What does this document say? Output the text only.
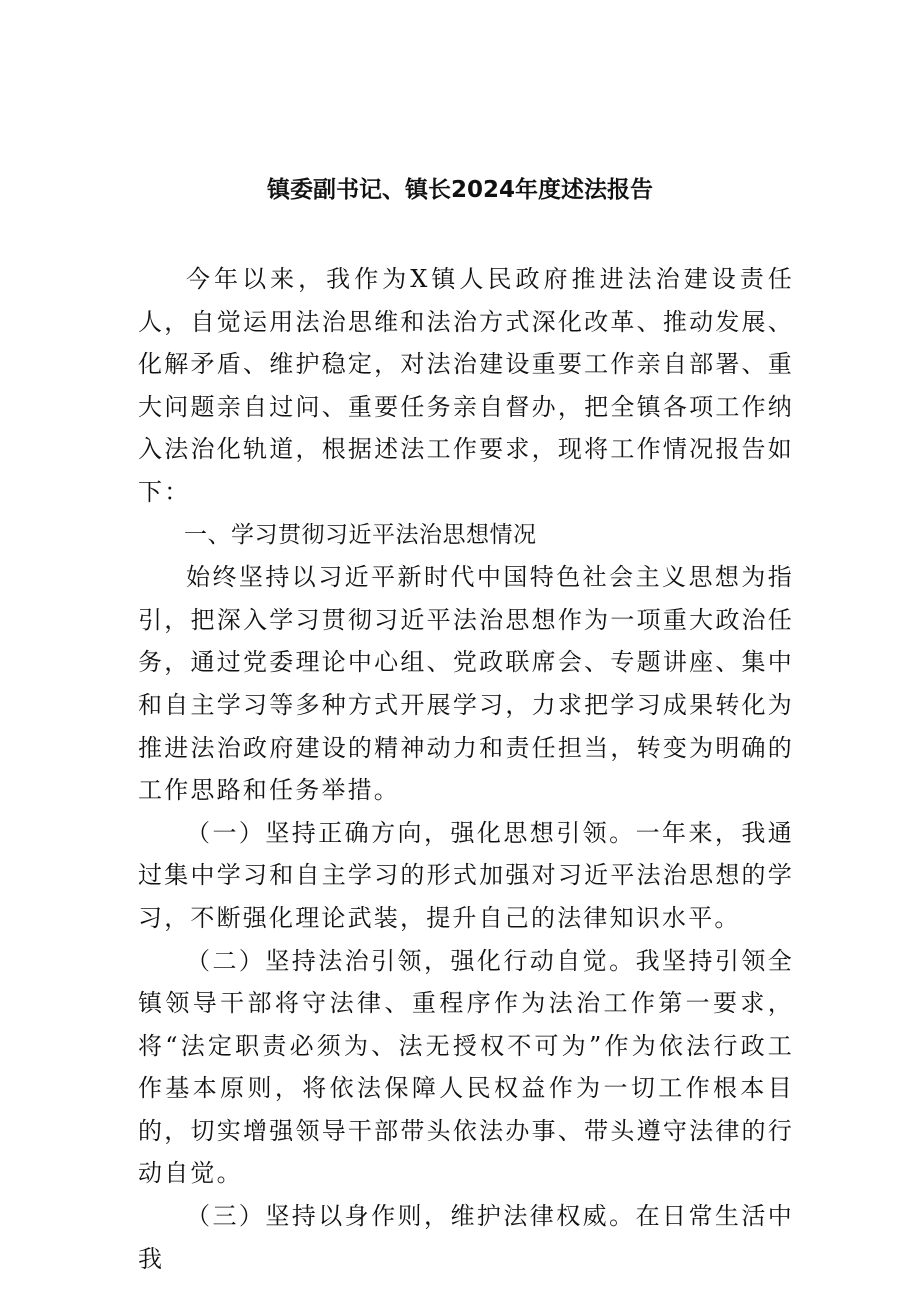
镇委副书记、镇长2024年度述法报告

今年以来，我作为X镇人民政府推进法治建设责任人，自觉运用法治思维和法治方式深化改革、推动发展、化解矛盾、维护稳定，对法治建设重要工作亲自部署、重大问题亲自过问、重要任务亲自督办，把全镇各项工作纳入法治化轨道，根据述法工作要求，现将工作情况报告如下：

一、学习贯彻习近平法治思想情况

始终坚持以习近平新时代中国特色社会主义思想为指引，把深入学习贯彻习近平法治思想作为一项重大政治任务，通过党委理论中心组、党政联席会、专题讲座、集中和自主学习等多种方式开展学习，力求把学习成果转化为推进法治政府建设的精神动力和责任担当，转变为明确的工作思路和任务举措。

（一）坚持正确方向，强化思想引领。一年来，我通过集中学习和自主学习的形式加强对习近平法治思想的学习，不断强化理论武装，提升自己的法律知识水平。

（二）坚持法治引领，强化行动自觉。我坚持引领全镇领导干部将守法律、重程序作为法治工作第一要求，将“法定职责必须为、法无授权不可为”作为依法行政工作基本原则，将依法保障人民权益作为一切工作根本目的，切实增强领导干部带头依法办事、带头遵守法律的行动自觉。

（三）坚持以身作则，维护法律权威。在日常生活中我
